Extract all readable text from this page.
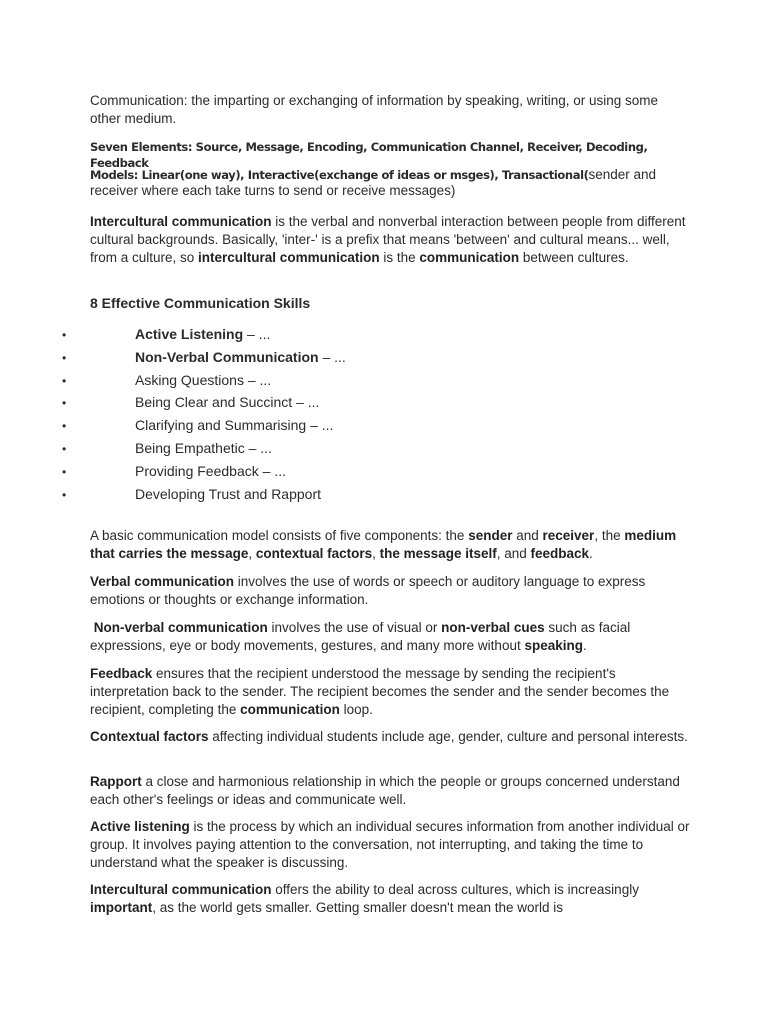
Communication: the imparting or exchanging of information by speaking, writing, or using some other medium.

Seven Elements: Source, Message, Encoding, Communication Channel, Receiver, Decoding, Feedback

Models: Linear(one way), Interactive(exchange of ideas or msges), Transactional(sender and receiver where each take turns to send or receive messages)

Intercultural communication is the verbal and nonverbal interaction between people from different cultural backgrounds. Basically, 'inter-' is a prefix that means 'between' and cultural means... well, from a culture, so intercultural communication is the communication between cultures.

8 Effective Communication Skills

•	Active Listening – ...
•	Non-Verbal Communication – ...
•	Asking Questions – ...
•	Being Clear and Succinct – ...
•	Clarifying and Summarising – ...
•	Being Empathetic – ...
•	Providing Feedback – ...
•	Developing Trust and Rapport

A basic communication model consists of five components: the sender and receiver, the medium that carries the message, contextual factors, the message itself, and feedback.

Verbal communication involves the use of words or speech or auditory language to express emotions or thoughts or exchange information.

Non-verbal communication involves the use of visual or non-verbal cues such as facial expressions, eye or body movements, gestures, and many more without speaking.

Feedback ensures that the recipient understood the message by sending the recipient's interpretation back to the sender. The recipient becomes the sender and the sender becomes the recipient, completing the communication loop.

Contextual factors affecting individual students include age, gender, culture and personal interests.

Rapport a close and harmonious relationship in which the people or groups concerned understand each other's feelings or ideas and communicate well.

Active listening is the process by which an individual secures information from another individual or group. It involves paying attention to the conversation, not interrupting, and taking the time to understand what the speaker is discussing.

Intercultural communication offers the ability to deal across cultures, which is increasingly important, as the world gets smaller. Getting smaller doesn't mean the world is
